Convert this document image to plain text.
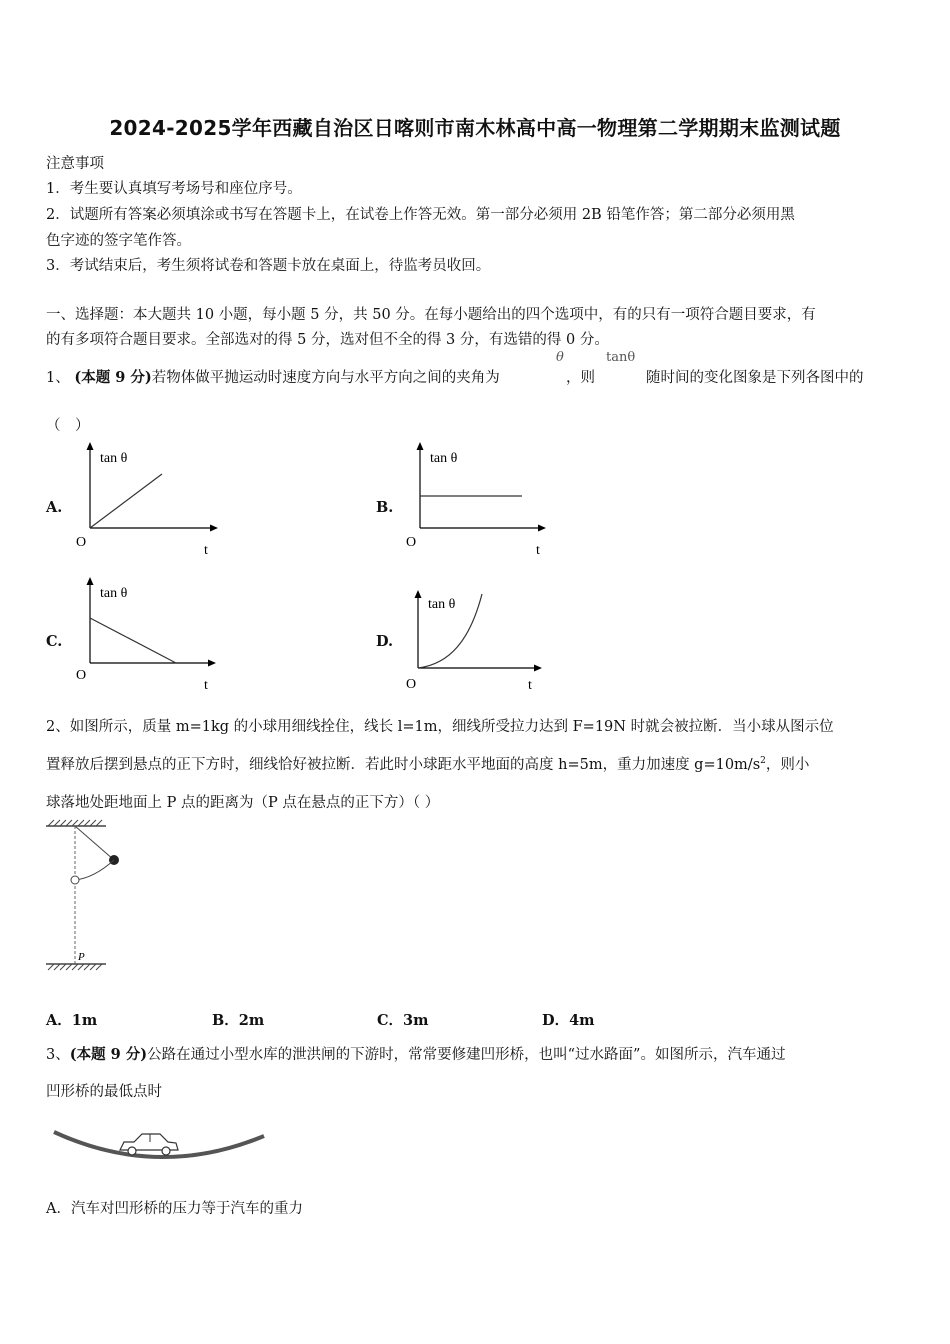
2024-2025学年西藏自治区日喀则市南木林高中高一物理第二学期期末监测试题
注意事项
1．考生要认真填写考场号和座位序号。
2．试题所有答案必须填涂或书写在答题卡上，在试卷上作答无效。第一部分必须用 2B 铅笔作答；第二部分必须用黑
色字迹的签字笔作答。
3．考试结束后，考生须将试卷和答题卡放在桌面上，待监考员收回。
一、选择题：本大题共 10 小题，每小题 5 分，共 50 分。在每小题给出的四个选项中，有的只有一项符合题目要求，有
的有多项符合题目要求。全部选对的得 5 分，选对但不全的得 3 分，有选错的得 0 分。
1、 (本题 9 分)若物体做平抛运动时速度方向与水平方向之间的夹角为
θ
，则
tanθ
随时间的变化图象是下列各图中的
（　）
A.
tan θ
O
t
B.
tan θ
O
t
C.
tan θ
O
t
D.
tan θ
O	t
2、如图所示，质量 m=1kg 的小球用细线拴住，线长 l=1m，细线所受拉力达到 F=19N 时就会被拉断．当小球从图示位
置释放后摆到悬点的正下方时，细线恰好被拉断．若此时小球距水平地面的高度 h=5m，重力加速度 $g=10m/s^2$，则小
球落地处距地面上 P 点的距离为（P 点在悬点的正下方）（ ）
P
A．1m	B．2m	C．3m	D．4m
3、(本题 9 分)公路在通过小型水库的泄洪闸的下游时，常常要修建凹形桥，也叫“过水路面”。如图所示，汽车通过
凹形桥的最低点时
A．汽车对凹形桥的压力等于汽车的重力
